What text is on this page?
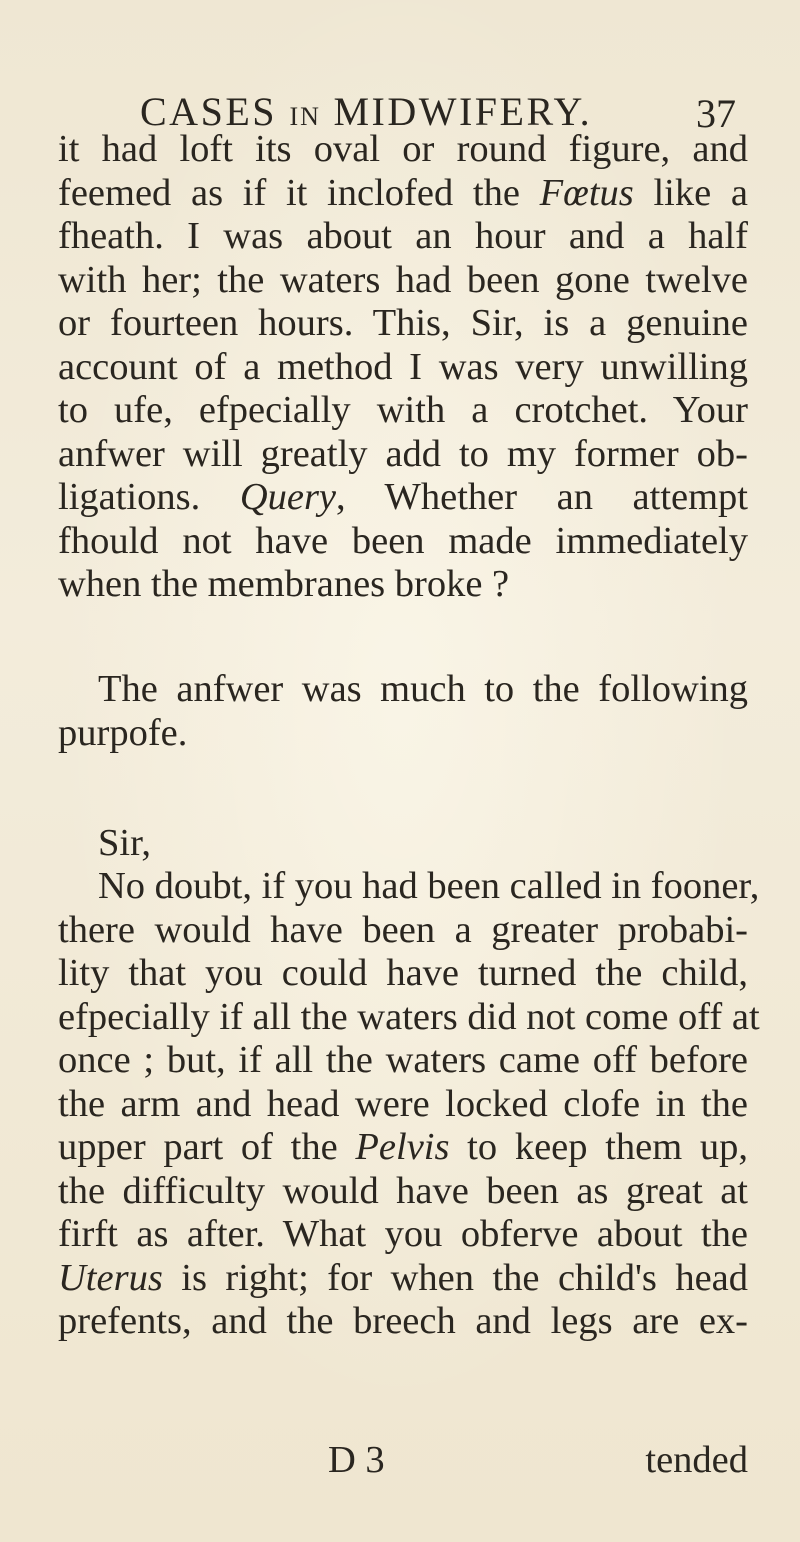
CASES IN MIDWIFERY.	37
it had loft its oval or round figure, and
feemed as if it inclofed the Fœtus like a
fheath. I was about an hour and a half
with her; the waters had been gone twelve
or fourteen hours. This, Sir, is a genuine
account of a method I was very unwilling
to ufe, efpecially with a crotchet. Your
anfwer will greatly add to my former ob-
ligations. Query, Whether an attempt
fhould not have been made immediately
when the membranes broke ?
The anfwer was much to the following
purpofe.
Sir,
No doubt, if you had been called in fooner,
there would have been a greater probabi-
lity that you could have turned the child,
efpecially if all the waters did not come off at
once ; but, if all the waters came off before
the arm and head were locked clofe in the
upper part of the Pelvis to keep them up,
the difficulty would have been as great at
firft as after. What you obferve about the
Uterus is right; for when the child's head
prefents, and the breech and legs are ex-
D 3	tended
